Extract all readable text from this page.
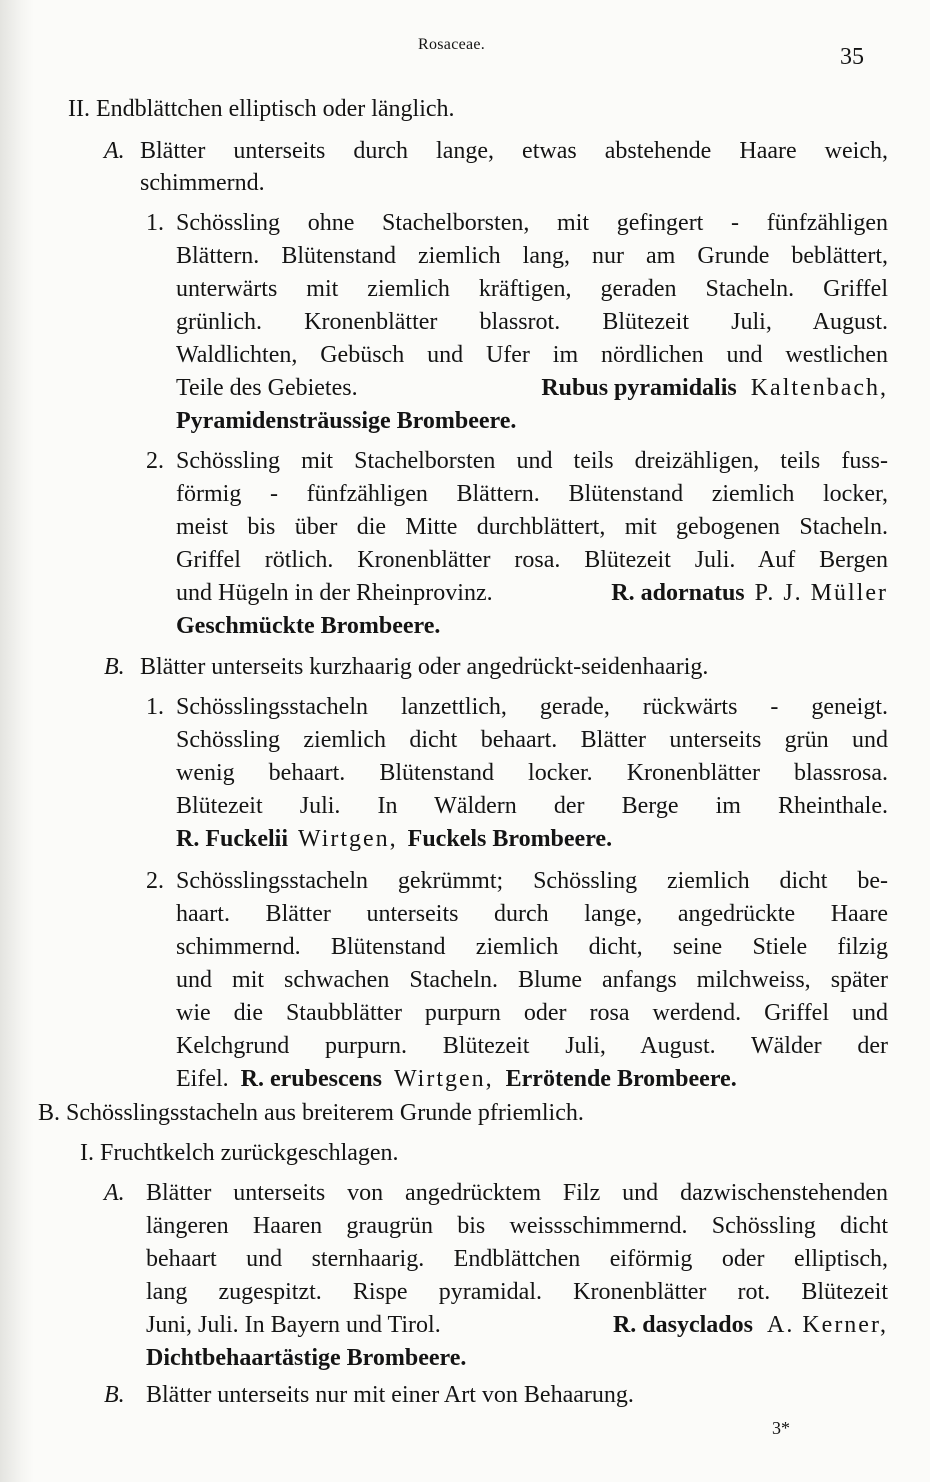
Rosaceae.	35
II. Endblättchen elliptisch oder länglich.
A. Blätter unterseits durch lange, etwas abstehende Haare weich,
schimmernd.
1. Schössling ohne Stachelborsten, mit gefingert - fünfzähligen
Blättern. Blütenstand ziemlich lang, nur am Grunde beblättert,
unterwärts mit ziemlich kräftigen, geraden Stacheln. Griffel
grünlich. Kronenblätter blassrot. Blütezeit Juli, August.
Waldlichten, Gebüsch und Ufer im nördlichen und westlichen
Teile des Gebietes.	Rubus pyramidalis Kaltenbach,
Pyramidensträussige Brombeere.
2. Schössling mit Stachelborsten und teils dreizähligen, teils fuss-
förmig - fünfzähligen Blättern. Blütenstand ziemlich locker,
meist bis über die Mitte durchblättert, mit gebogenen Stacheln.
Griffel rötlich. Kronenblätter rosa. Blütezeit Juli. Auf Bergen
und Hügeln in der Rheinprovinz.	R. adornatus P. J. Müller
Geschmückte Brombeere.
B. Blätter unterseits kurzhaarig oder angedrückt-seidenhaarig.
1. Schösslingsstacheln lanzettlich, gerade, rückwärts - geneigt.
Schössling ziemlich dicht behaart. Blätter unterseits grün und
wenig behaart. Blütenstand locker. Kronenblätter blassrosa.
Blütezeit Juli. In Wäldern der Berge im Rheinthale.
R. Fuckelii Wirtgen, Fuckels Brombeere.
2. Schösslingsstacheln gekrümmt; Schössling ziemlich dicht be-
haart. Blätter unterseits durch lange, angedrückte Haare
schimmernd. Blütenstand ziemlich dicht, seine Stiele filzig
und mit schwachen Stacheln. Blume anfangs milchweiss, später
wie die Staubblätter purpurn oder rosa werdend. Griffel und
Kelchgrund purpurn. Blütezeit Juli, August. Wälder der
Eifel. R. erubescens Wirtgen, Errötende Brombeere.
B. Schösslingsstacheln aus breiterem Grunde pfriemlich.
I. Fruchtkelch zurückgeschlagen.
A. Blätter unterseits von angedrücktem Filz und dazwischenstehenden
längeren Haaren graugrün bis weissschimmernd. Schössling dicht
behaart und sternhaarig. Endblättchen eiförmig oder elliptisch,
lang zugespitzt. Rispe pyramidal. Kronenblätter rot. Blütezeit
Juni, Juli. In Bayern und Tirol.	R. dasyclados A. Kerner,
Dichtbehaartästige Brombeere.
B. Blätter unterseits nur mit einer Art von Behaarung.
3*
